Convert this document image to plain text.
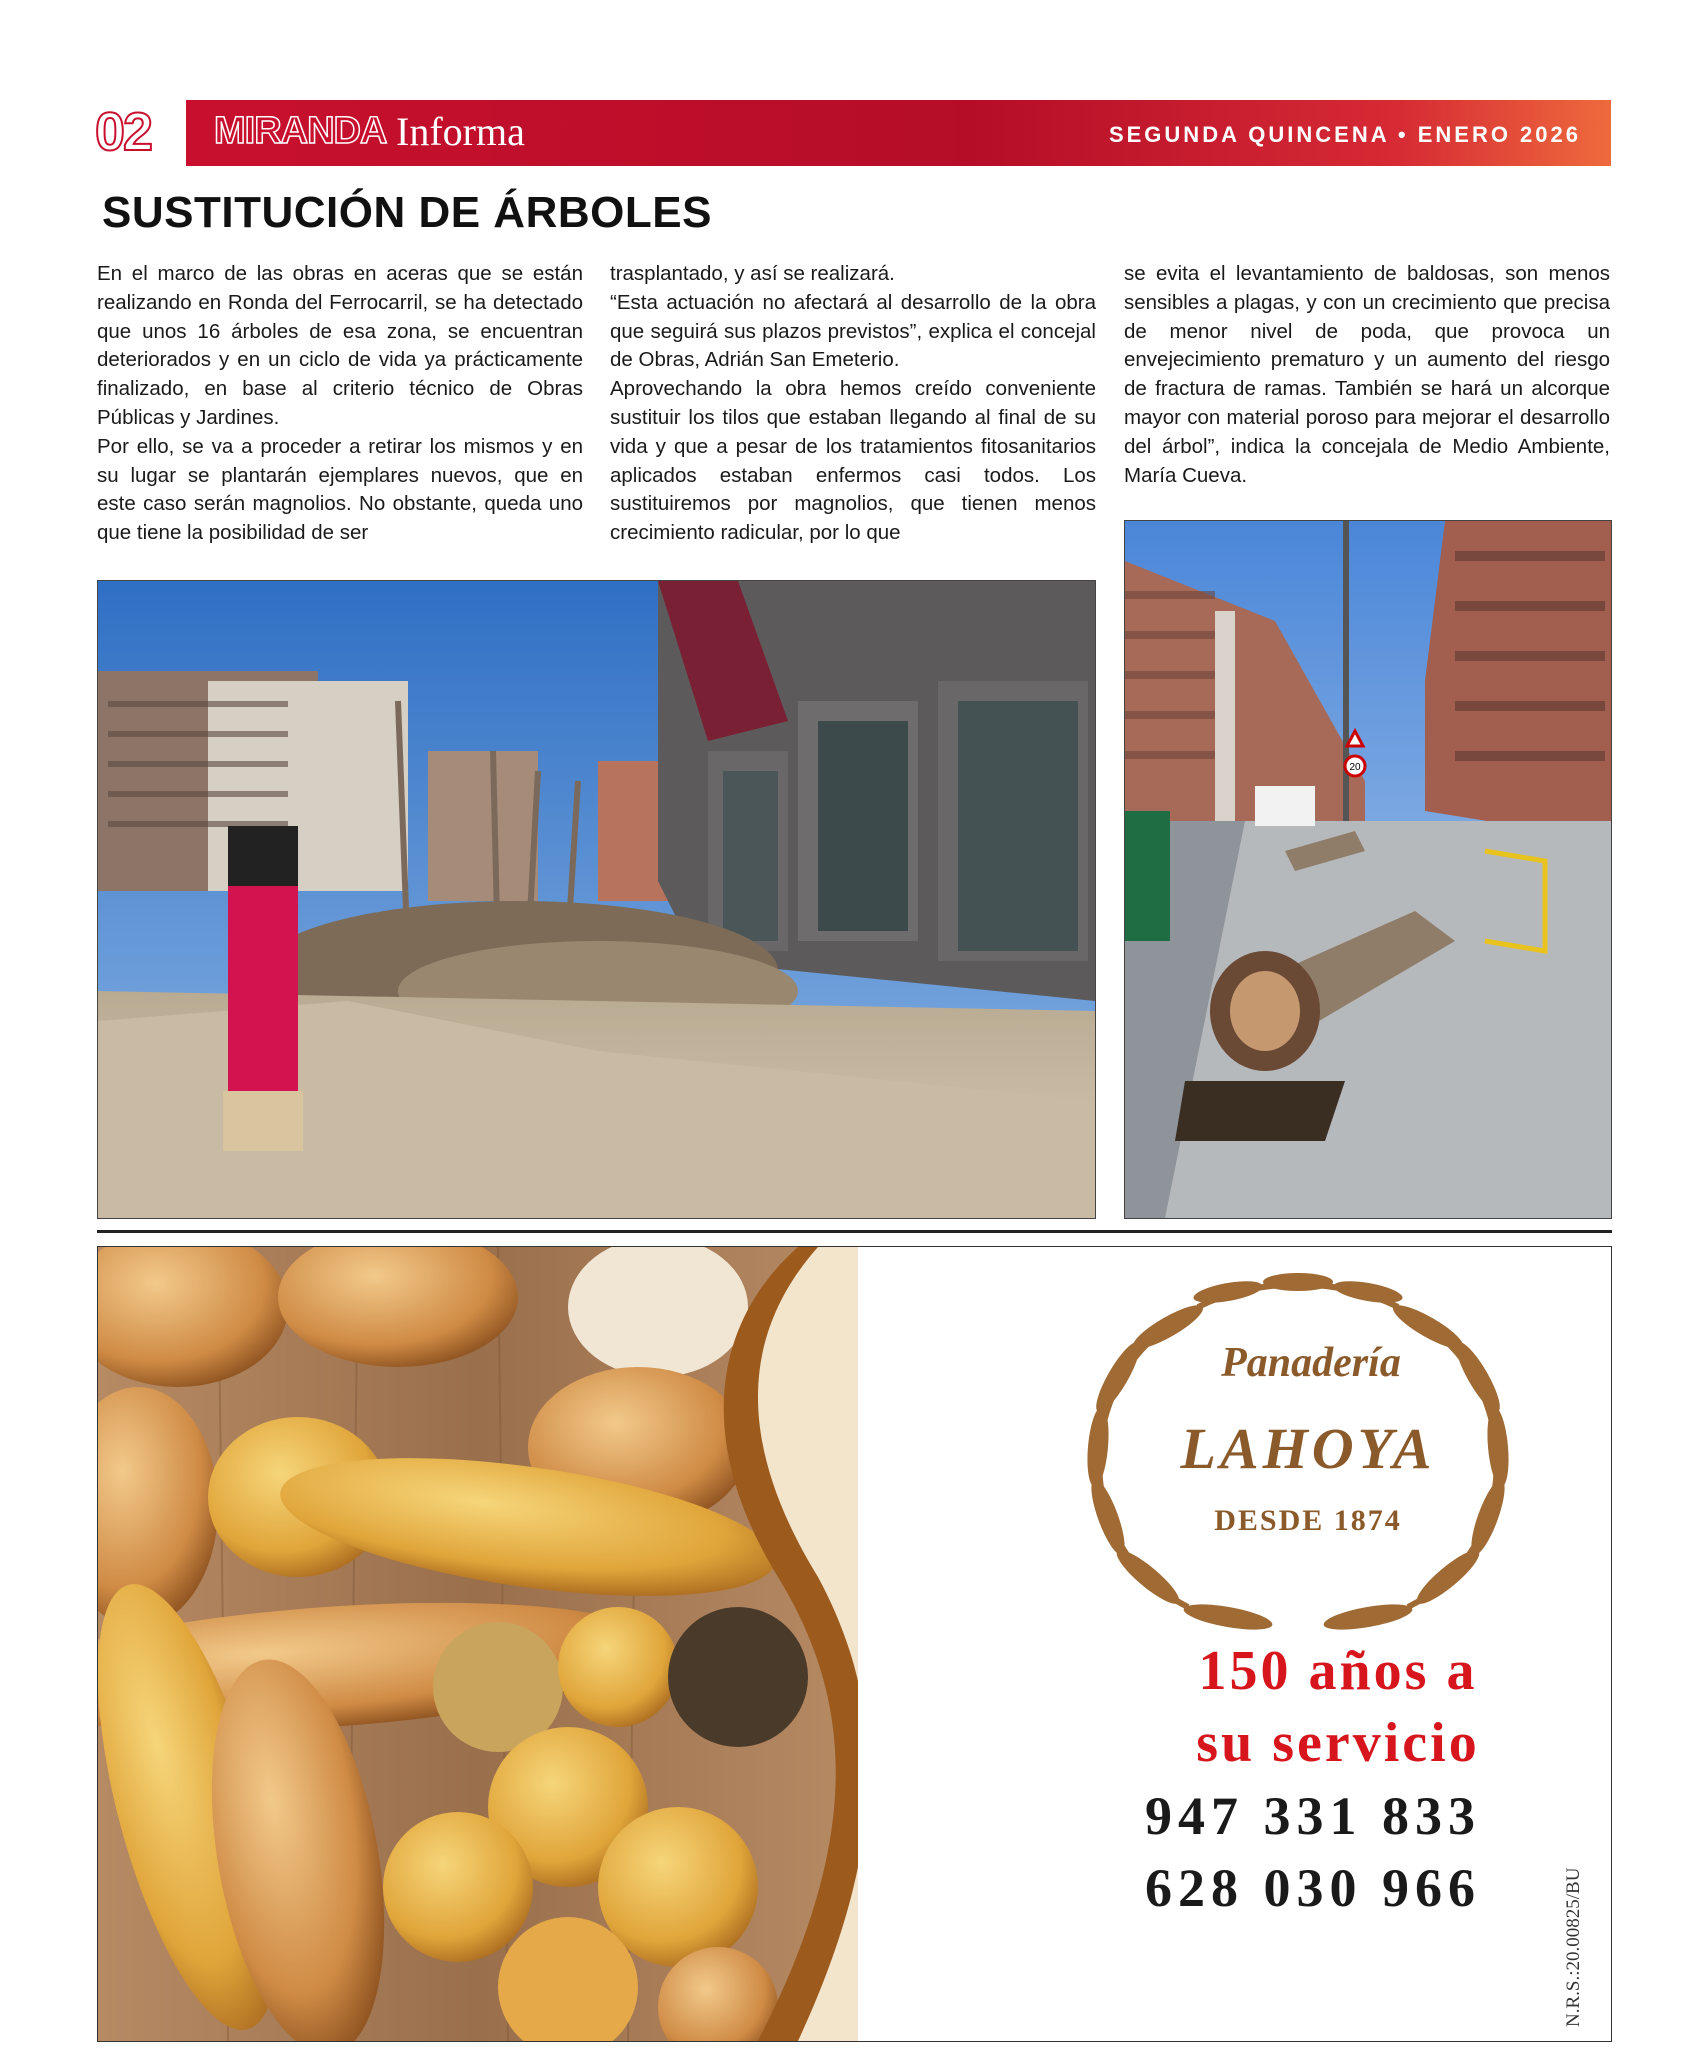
02 MIRANDA Informa	SEGUNDA QUINCENA • ENERO 2026
SUSTITUCIÓN DE ÁRBOLES

En el marco de las obras en aceras que se están realizando en Ronda del Ferrocarril, se ha detectado que unos 16 árboles de esa zona, se encuentran deteriorados y en un ciclo de vida ya prácticamente finalizado, en base al criterio técnico de Obras Públicas y Jardines.

Por ello, se va a proceder a retirar los mismos y en su lugar se plantarán ejemplares nuevos, que en este caso serán magnolios. No obstante, queda uno que tiene la posibilidad de ser

trasplantado, y así se realizará.

“Esta actuación no afectará al desarrollo de la obra que seguirá sus plazos previstos”, explica el concejal de Obras, Adrián San Emeterio.

Aprovechando la obra hemos creído conveniente sustituir los tilos que estaban llegando al final de su vida y que a pesar de los tratamientos fitosanitarios aplicados estaban enfermos casi todos. Los sustituiremos por magnolios, que tienen menos crecimiento radicular, por lo que

se evita el levantamiento de baldosas, son menos sensibles a plagas, y con un crecimiento que precisa de menor nivel de poda, que provoca un envejecimiento prematuro y un aumento del riesgo de fractura de ramas. También se hará un alcorque mayor con material poroso para mejorar el desarrollo del árbol”, indica la concejala de Medio Ambiente, María Cueva.

20
Panadería
LAHOYA
DESDE 1874
150 años a
su servicio
947 331 833
628 030 966	N.R.S.:20.00825/BU
